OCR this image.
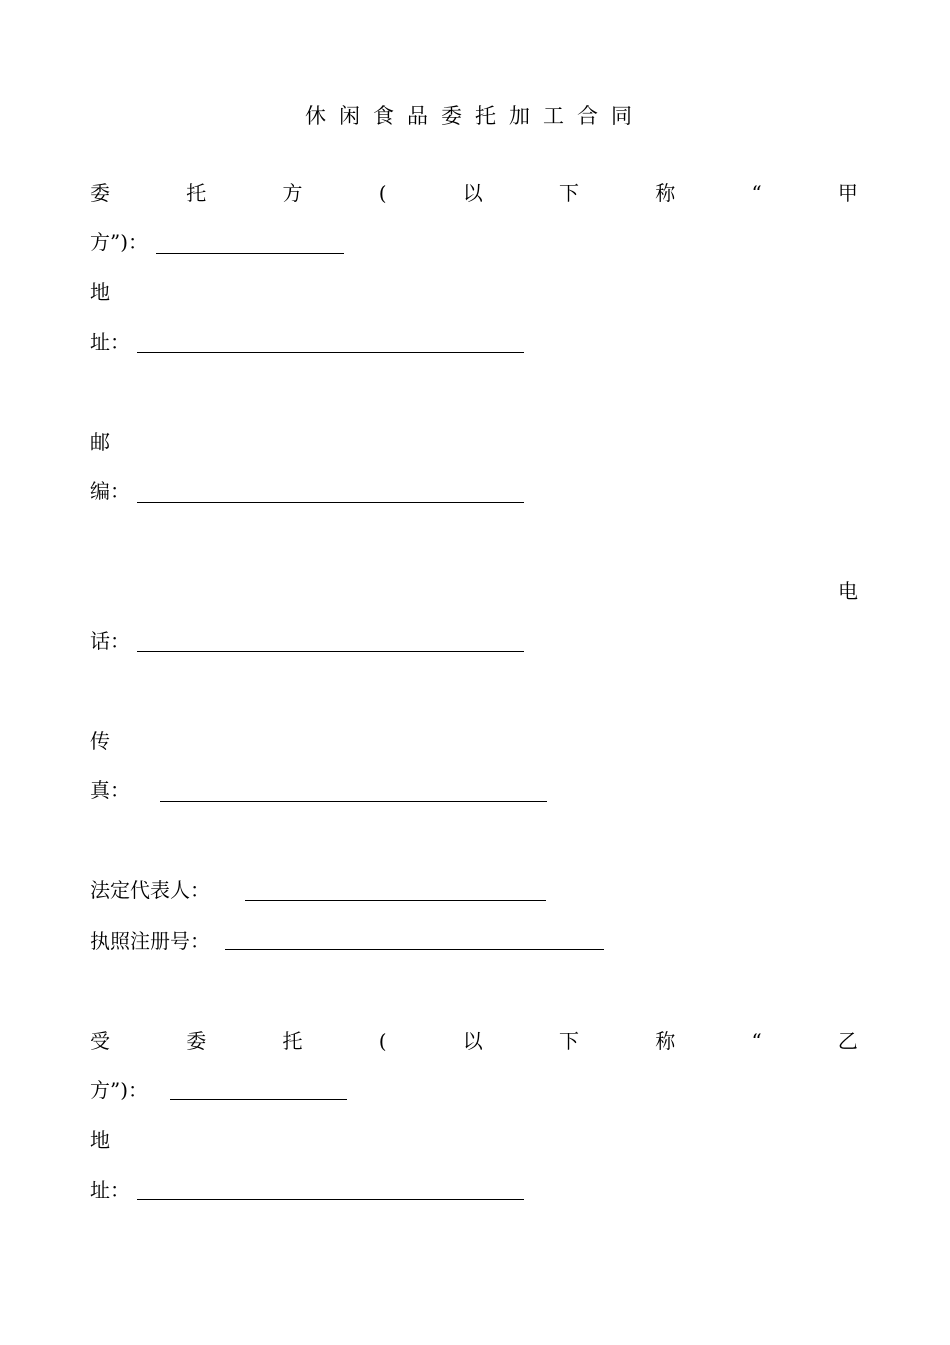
休闲食品委托加工合同
委	托	方	(	以	下	称	“	甲
方”)：
地
址：
邮
编：
电
话：
传
真：
法定代表人：
执照注册号：
受	委	托	(	以	下	称	“	乙
方”)：
地
址：
